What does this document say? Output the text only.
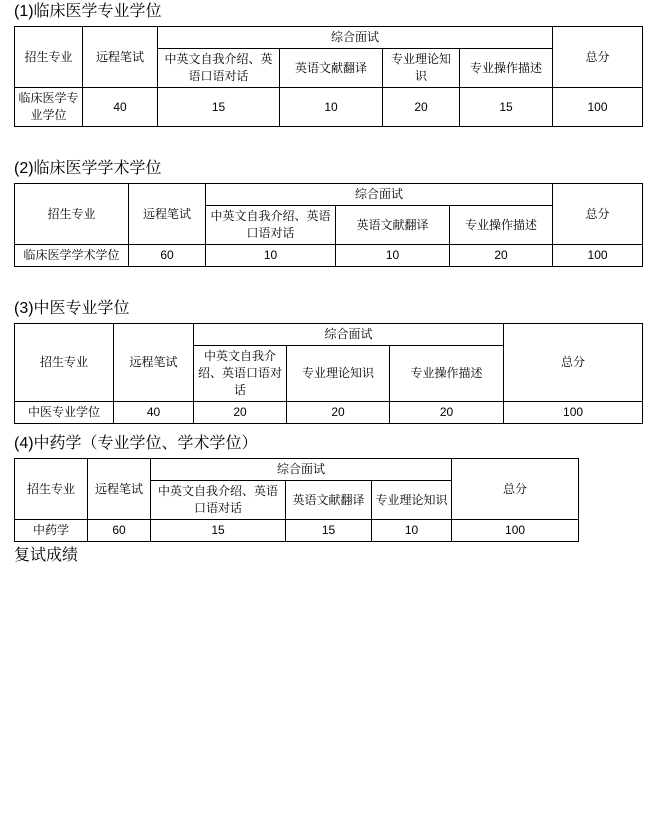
(1)临床医学专业学位
招生专业	远程笔试	综合面试				总分
		中英文自我介绍、英语口语对话	英语文献翻译	专业理论知识	专业操作描述	
临床医学专业学位	40	15	10	20	15	100
(2)临床医学学术学位
招生专业	远程笔试	综合面试			总分
		中英文自我介绍、英语口语对话	英语文献翻译	专业操作描述	
临床医学学术学位	60	10	10	20	100
(3)中医专业学位
招生专业	远程笔试	综合面试			总分
		中英文自我介绍、英语口语对话	专业理论知识	专业操作描述	
中医专业学位	40	20	20	20	100
(4)中药学（专业学位、学术学位）
招生专业	远程笔试	综合面试			总分
		中英文自我介绍、英语口语对话	英语文献翻译	专业理论知识	
中药学	60	15	15	10	100
复试成绩
